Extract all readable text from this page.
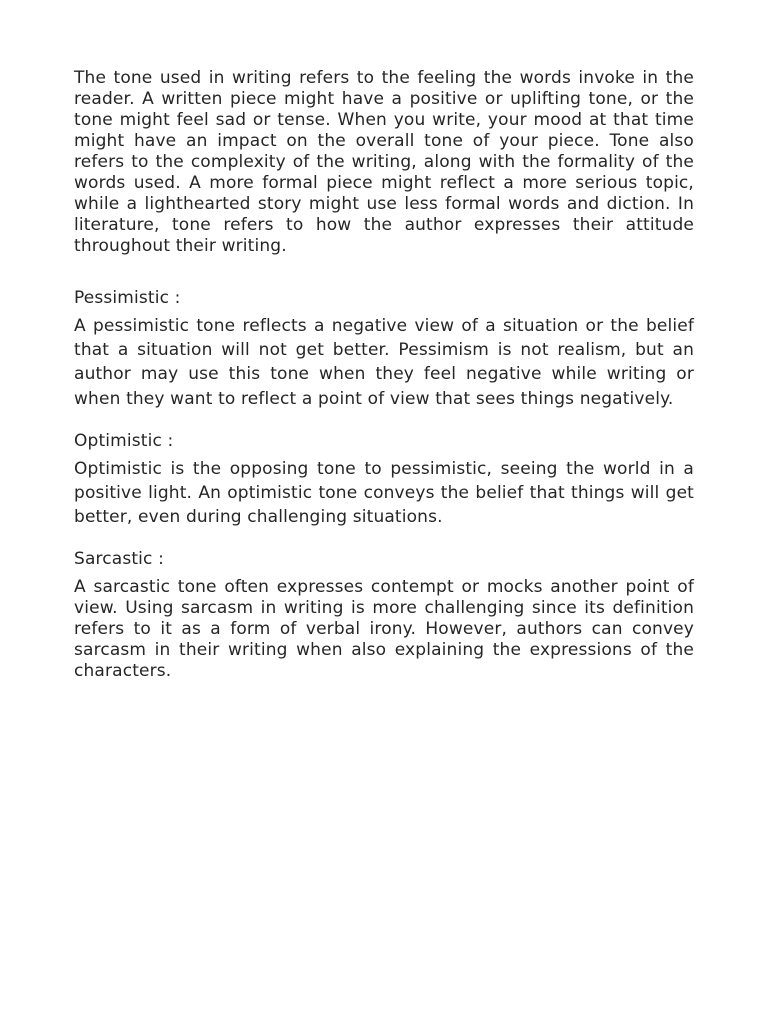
The tone used in writing refers to the feeling the words invoke in the reader. A written piece might have a positive or uplifting tone, or the tone might feel sad or tense. When you write, your mood at that time might have an impact on the overall tone of your piece. Tone also refers to the complexity of the writing, along with the formality of the words used. A more formal piece might reflect a more serious topic, while a lighthearted story might use less formal words and diction. In literature, tone refers to how the author expresses their attitude throughout their writing.

Pessimistic :

A pessimistic tone reflects a negative view of a situation or the belief that a situation will not get better. Pessimism is not realism, but an author may use this tone when they feel negative while writing or when they want to reflect a point of view that sees things negatively.

Optimistic :

Optimistic is the opposing tone to pessimistic, seeing the world in a positive light. An optimistic tone conveys the belief that things will get better, even during challenging situations.

Sarcastic :

A sarcastic tone often expresses contempt or mocks another point of view. Using sarcasm in writing is more challenging since its definition refers to it as a form of verbal irony. However, authors can convey sarcasm in their writing when also explaining the expressions of the characters.
